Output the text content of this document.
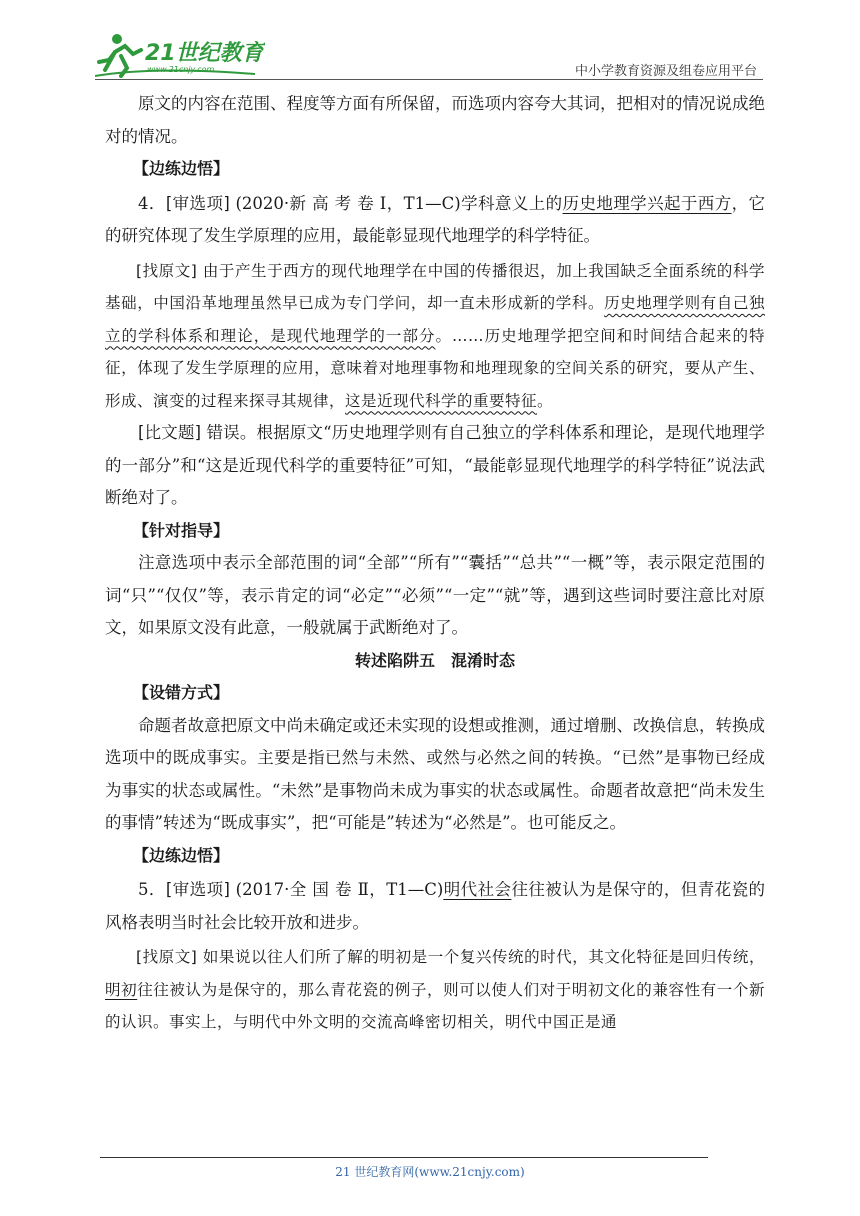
21世纪教育
www.21cnjy.com	中小学教育资源及组卷应用平台

原文的内容在范围、程度等方面有所保留，而选项内容夸大其词，把相对的情况说成绝对的情况。

【边练边悟】

4．[审选项] (2020·新 高 考 卷 Ⅰ，T1—C)学科意义上的历史地理学兴起于西方，它的研究体现了发生学原理的应用，最能彰显现代地理学的科学特征。

[找原文] 由于产生于西方的现代地理学在中国的传播很迟，加上我国缺乏全面系统的科学基础，中国沿革地理虽然早已成为专门学问，却一直未形成新的学科。历史地理学则有自己独立的学科体系和理论，是现代地理学的一部分。……历史地理学把空间和时间结合起来的特征，体现了发生学原理的应用，意味着对地理事物和地理现象的空间关系的研究，要从产生、形成、演变的过程来探寻其规律，这是近现代科学的重要特征。

[比文题] 错误。根据原文“历史地理学则有自己独立的学科体系和理论，是现代地理学的一部分”和“这是近现代科学的重要特征”可知，“最能彰显现代地理学的科学特征”说法武断绝对了。

【针对指导】

注意选项中表示全部范围的词“全部”“所有”“囊括”“总共”“一概”等，表示限定范围的词“只”“仅仅”等，表示肯定的词“必定”“必须”“一定”“就”等，遇到这些词时要注意比对原文，如果原文没有此意，一般就属于武断绝对了。

转述陷阱五　混淆时态

【设错方式】

命题者故意把原文中尚未确定或还未实现的设想或推测，通过增删、改换信息，转换成选项中的既成事实。主要是指已然与未然、或然与必然之间的转换。“已然”是事物已经成为事实的状态或属性。“未然”是事物尚未成为事实的状态或属性。命题者故意把“尚未发生的事情”转述为“既成事实”，把“可能是”转述为“必然是”。也可能反之。

【边练边悟】

5．[审选项] (2017·全 国 卷 Ⅱ，T1—C)明代社会往往被认为是保守的，但青花瓷的风格表明当时社会比较开放和进步。

[找原文] 如果说以往人们所了解的明初是一个复兴传统的时代，其文化特征是回归传统，明初往往被认为是保守的，那么青花瓷的例子，则可以使人们对于明初文化的兼容性有一个新的认识。事实上，与明代中外文明的交流高峰密切相关，明代中国正是通

21 世纪教育网(www.21cnjy.com)
